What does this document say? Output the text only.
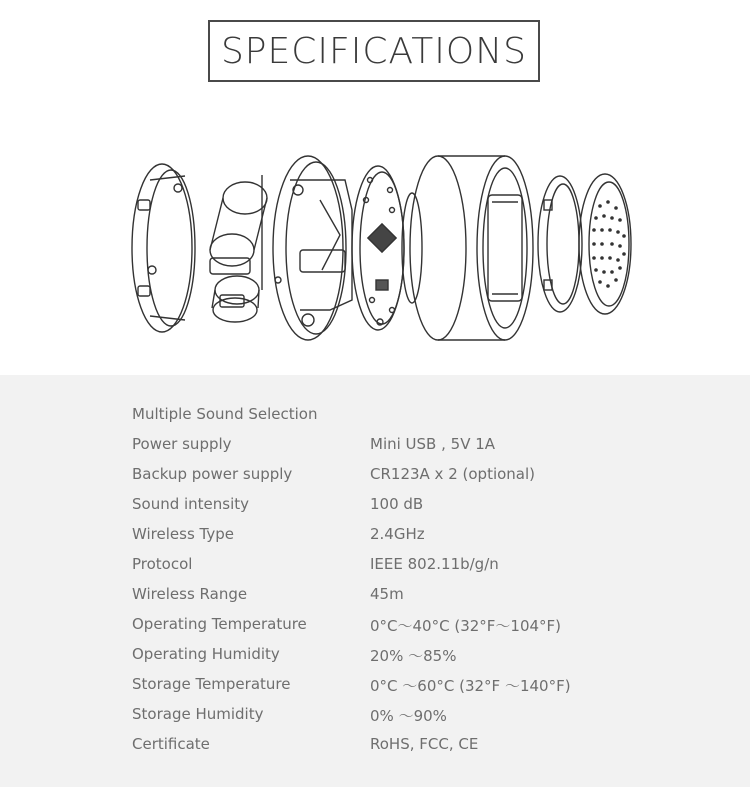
SPECIFICATIONS
Multiple Sound Selection
Power supply	Mini USB , 5V 1A
Backup power supply	CR123A x 2 (optional)
Sound intensity	100 dB
Wireless Type	2.4GHz
Protocol	IEEE 802.11b/g/n
Wireless Range	45m
Operating Temperature	0°C～40°C (32°F～104°F)
Operating Humidity	20% ～85%
Storage Temperature	0°C ～60°C (32°F ～140°F)
Storage Humidity	0% ～90%
Certificate	RoHS, FCC, CE
